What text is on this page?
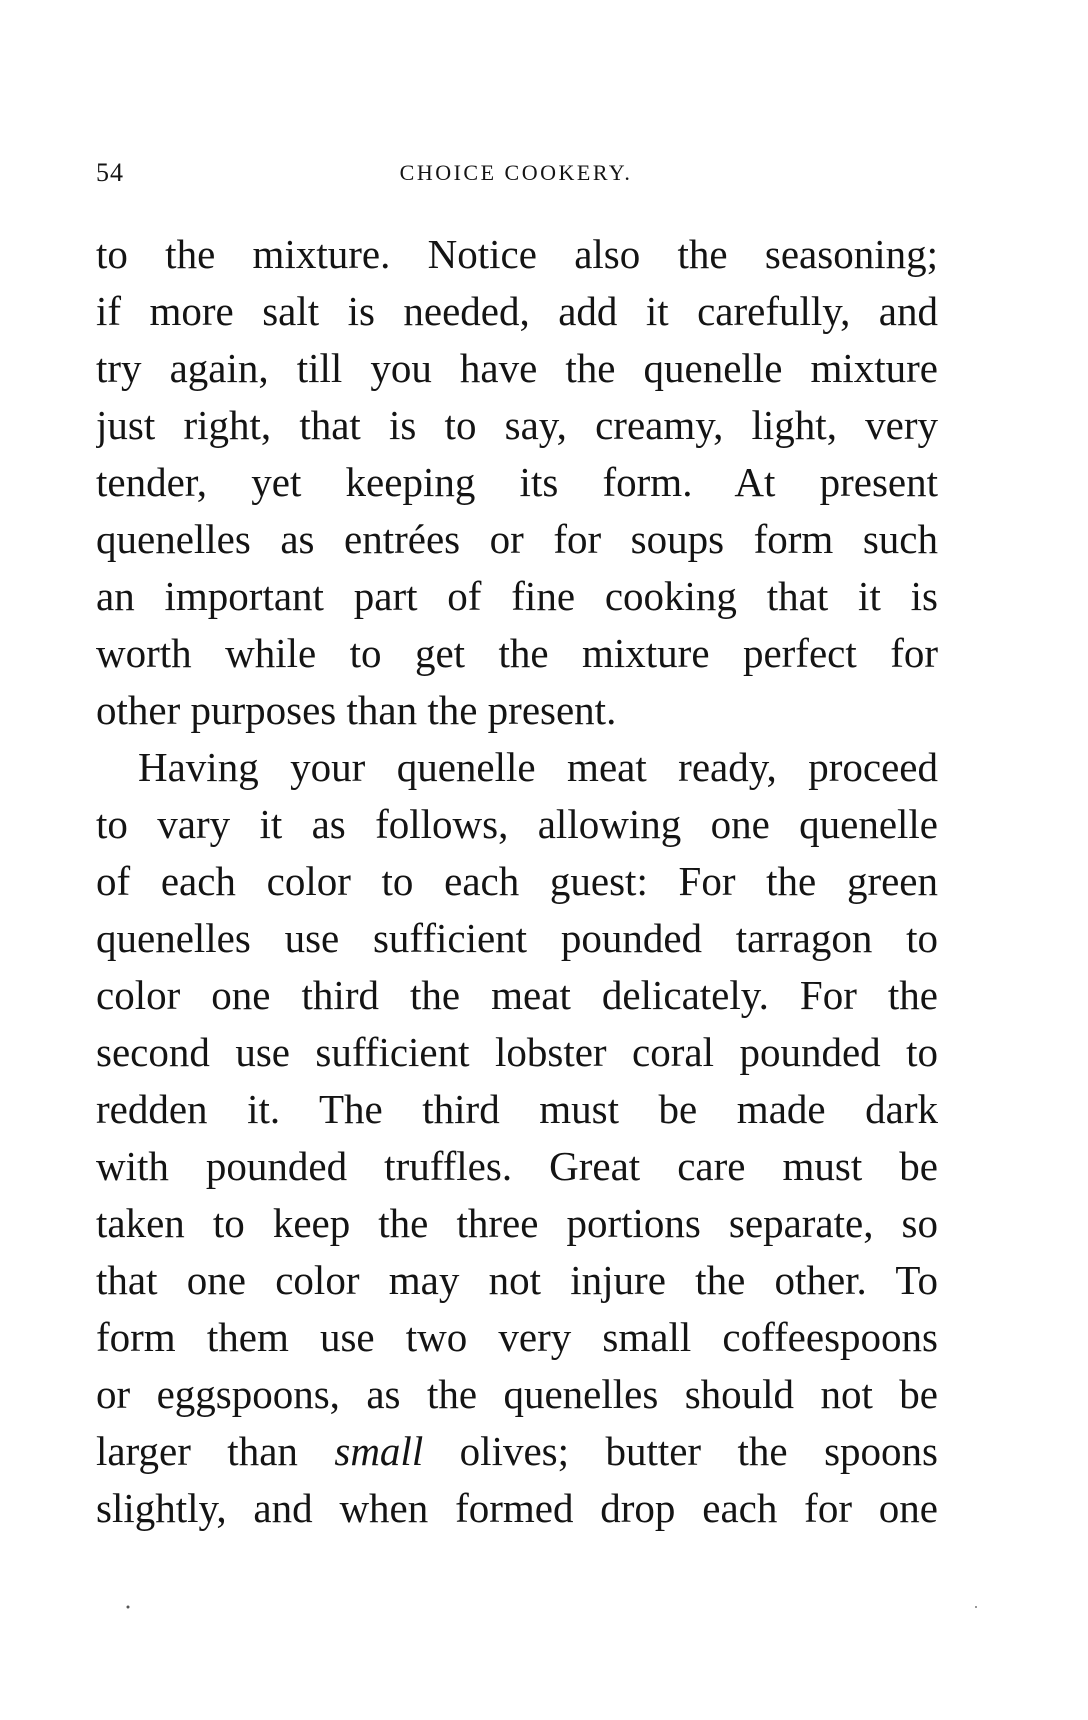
54	CHOICE COOKERY.
to the mixture. Notice also the seasoning;
if more salt is needed, add it carefully, and
try again, till you have the quenelle mixture
just right, that is to say, creamy, light, very
tender, yet keeping its form. At present
quenelles as entrées or for soups form such
an important part of fine cooking that it is
worth while to get the mixture perfect for
other purposes than the present.
Having your quenelle meat ready, proceed
to vary it as follows, allowing one quenelle
of each color to each guest: For the green
quenelles use sufficient pounded tarragon to
color one third the meat delicately. For the
second use sufficient lobster coral pounded to
redden it. The third must be made dark
with pounded truffles. Great care must be
taken to keep the three portions separate, so
that one color may not injure the other. To
form them use two very small coffeespoons
or eggspoons, as the quenelles should not be
larger than small olives; butter the spoons
slightly, and when formed drop each for one
